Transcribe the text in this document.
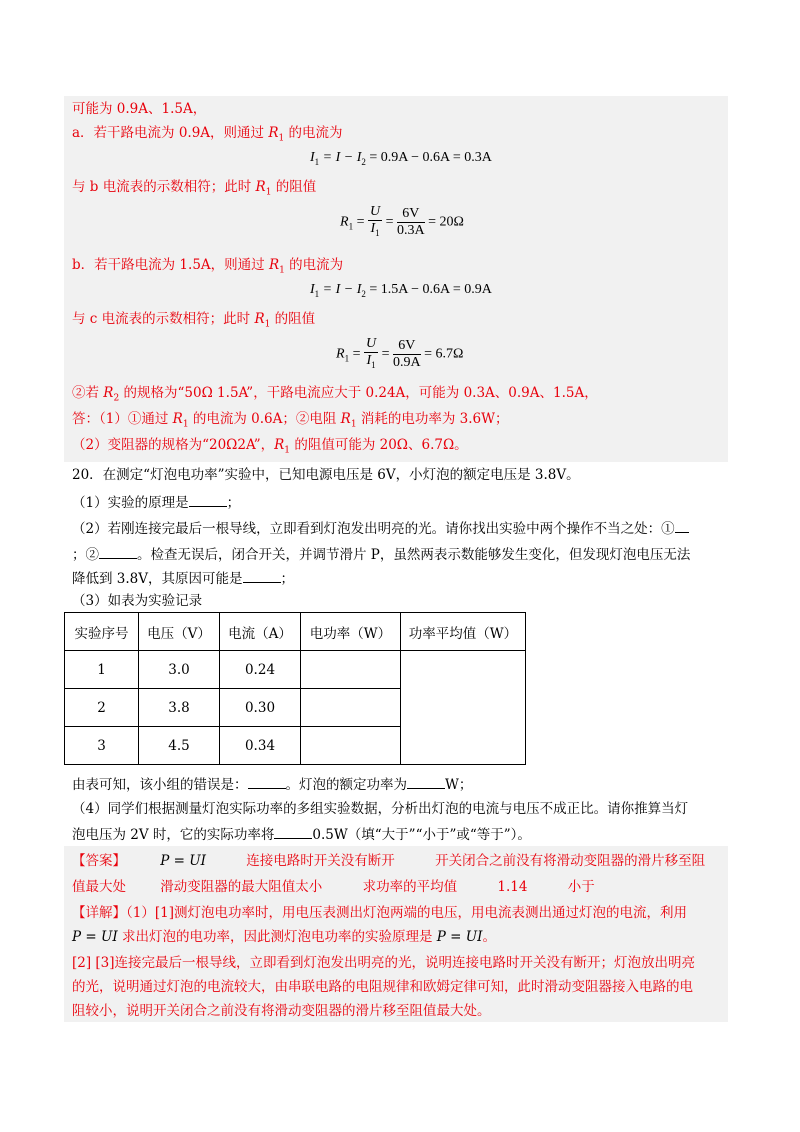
可能为 0.9A、1.5A，
a．若干路电流为 0.9A，则通过 $R_1$ 的电流为
$I_1 = I - I_2 = 0.9A - 0.6A = 0.3A$
与 b 电流表的示数相符；此时 $R_1$ 的阻值
$R_1 = \frac{U}{I_1} = \frac{6V}{0.3A} = 20\Omega$
b．若干路电流为 1.5A，则通过 $R_1$ 的电流为
$I_1 = I - I_2 = 1.5A - 0.6A = 0.9A$
与 c 电流表的示数相符；此时 $R_1$ 的阻值
$R_1 = \frac{U}{I_1} = \frac{6V}{0.9A} = 6.7\Omega$
②若 $R_2$ 的规格为“50Ω 1.5A”，干路电流应大于 0.24A，可能为 0.3A、0.9A、1.5A，
答：（1）①通过 $R_1$ 的电流为 0.6A；②电阻 $R_1$ 消耗的电功率为 3.6W；
（2）变阻器的规格为“20Ω2A”，$R_1$ 的阻值可能为 20Ω、6.7Ω。
20．在测定“灯泡电功率”实验中，已知电源电压是 6V，小灯泡的额定电压是 3.8V。
（1）实验的原理是	；
（2）若刚连接完最后一根导线，立即看到灯泡发出明亮的光。请你找出实验中两个操作不当之处：①
；②	。检查无误后，闭合开关，并调节滑片 P，虽然两表示数能够发生变化，但发现灯泡电压无法
降低到 3.8V，其原因可能是	；
（3）如表为实验记录
实验序号	电压（V）	电流（A）	电功率（W）	功率平均值（W）
1	3.0	0.24		
2	3.8	0.30		
3	4.5	0.34		
由表可知，该小组的错误是：	。灯泡的额定功率为	W；
（4）同学们根据测量灯泡实际功率的多组实验数据，分析出灯泡的电流与电压不成正比。请你推算当灯
泡电压为 2V 时，它的实际功率将	0.5W（填“大于”“小于”或“等于”）。
【答案】	P = UI	连接电路时开关没有断开	开关闭合之前没有将滑动变阻器的滑片移至阻
值最大处	滑动变阻器的最大阻值太小	求功率的平均值	1.14	小于
【详解】（1）[1]测灯泡电功率时，用电压表测出灯泡两端的电压，用电流表测出通过灯泡的电流，利用
P = UI 求出灯泡的电功率，因此测灯泡电功率的实验原理是 P = UI。
[2] [3]连接完最后一根导线，立即看到灯泡发出明亮的光，说明连接电路时开关没有断开；灯泡放出明亮
的光，说明通过灯泡的电流较大，由串联电路的电阻规律和欧姆定律可知，此时滑动变阻器接入电路的电
阻较小，说明开关闭合之前没有将滑动变阻器的滑片移至阻值最大处。
